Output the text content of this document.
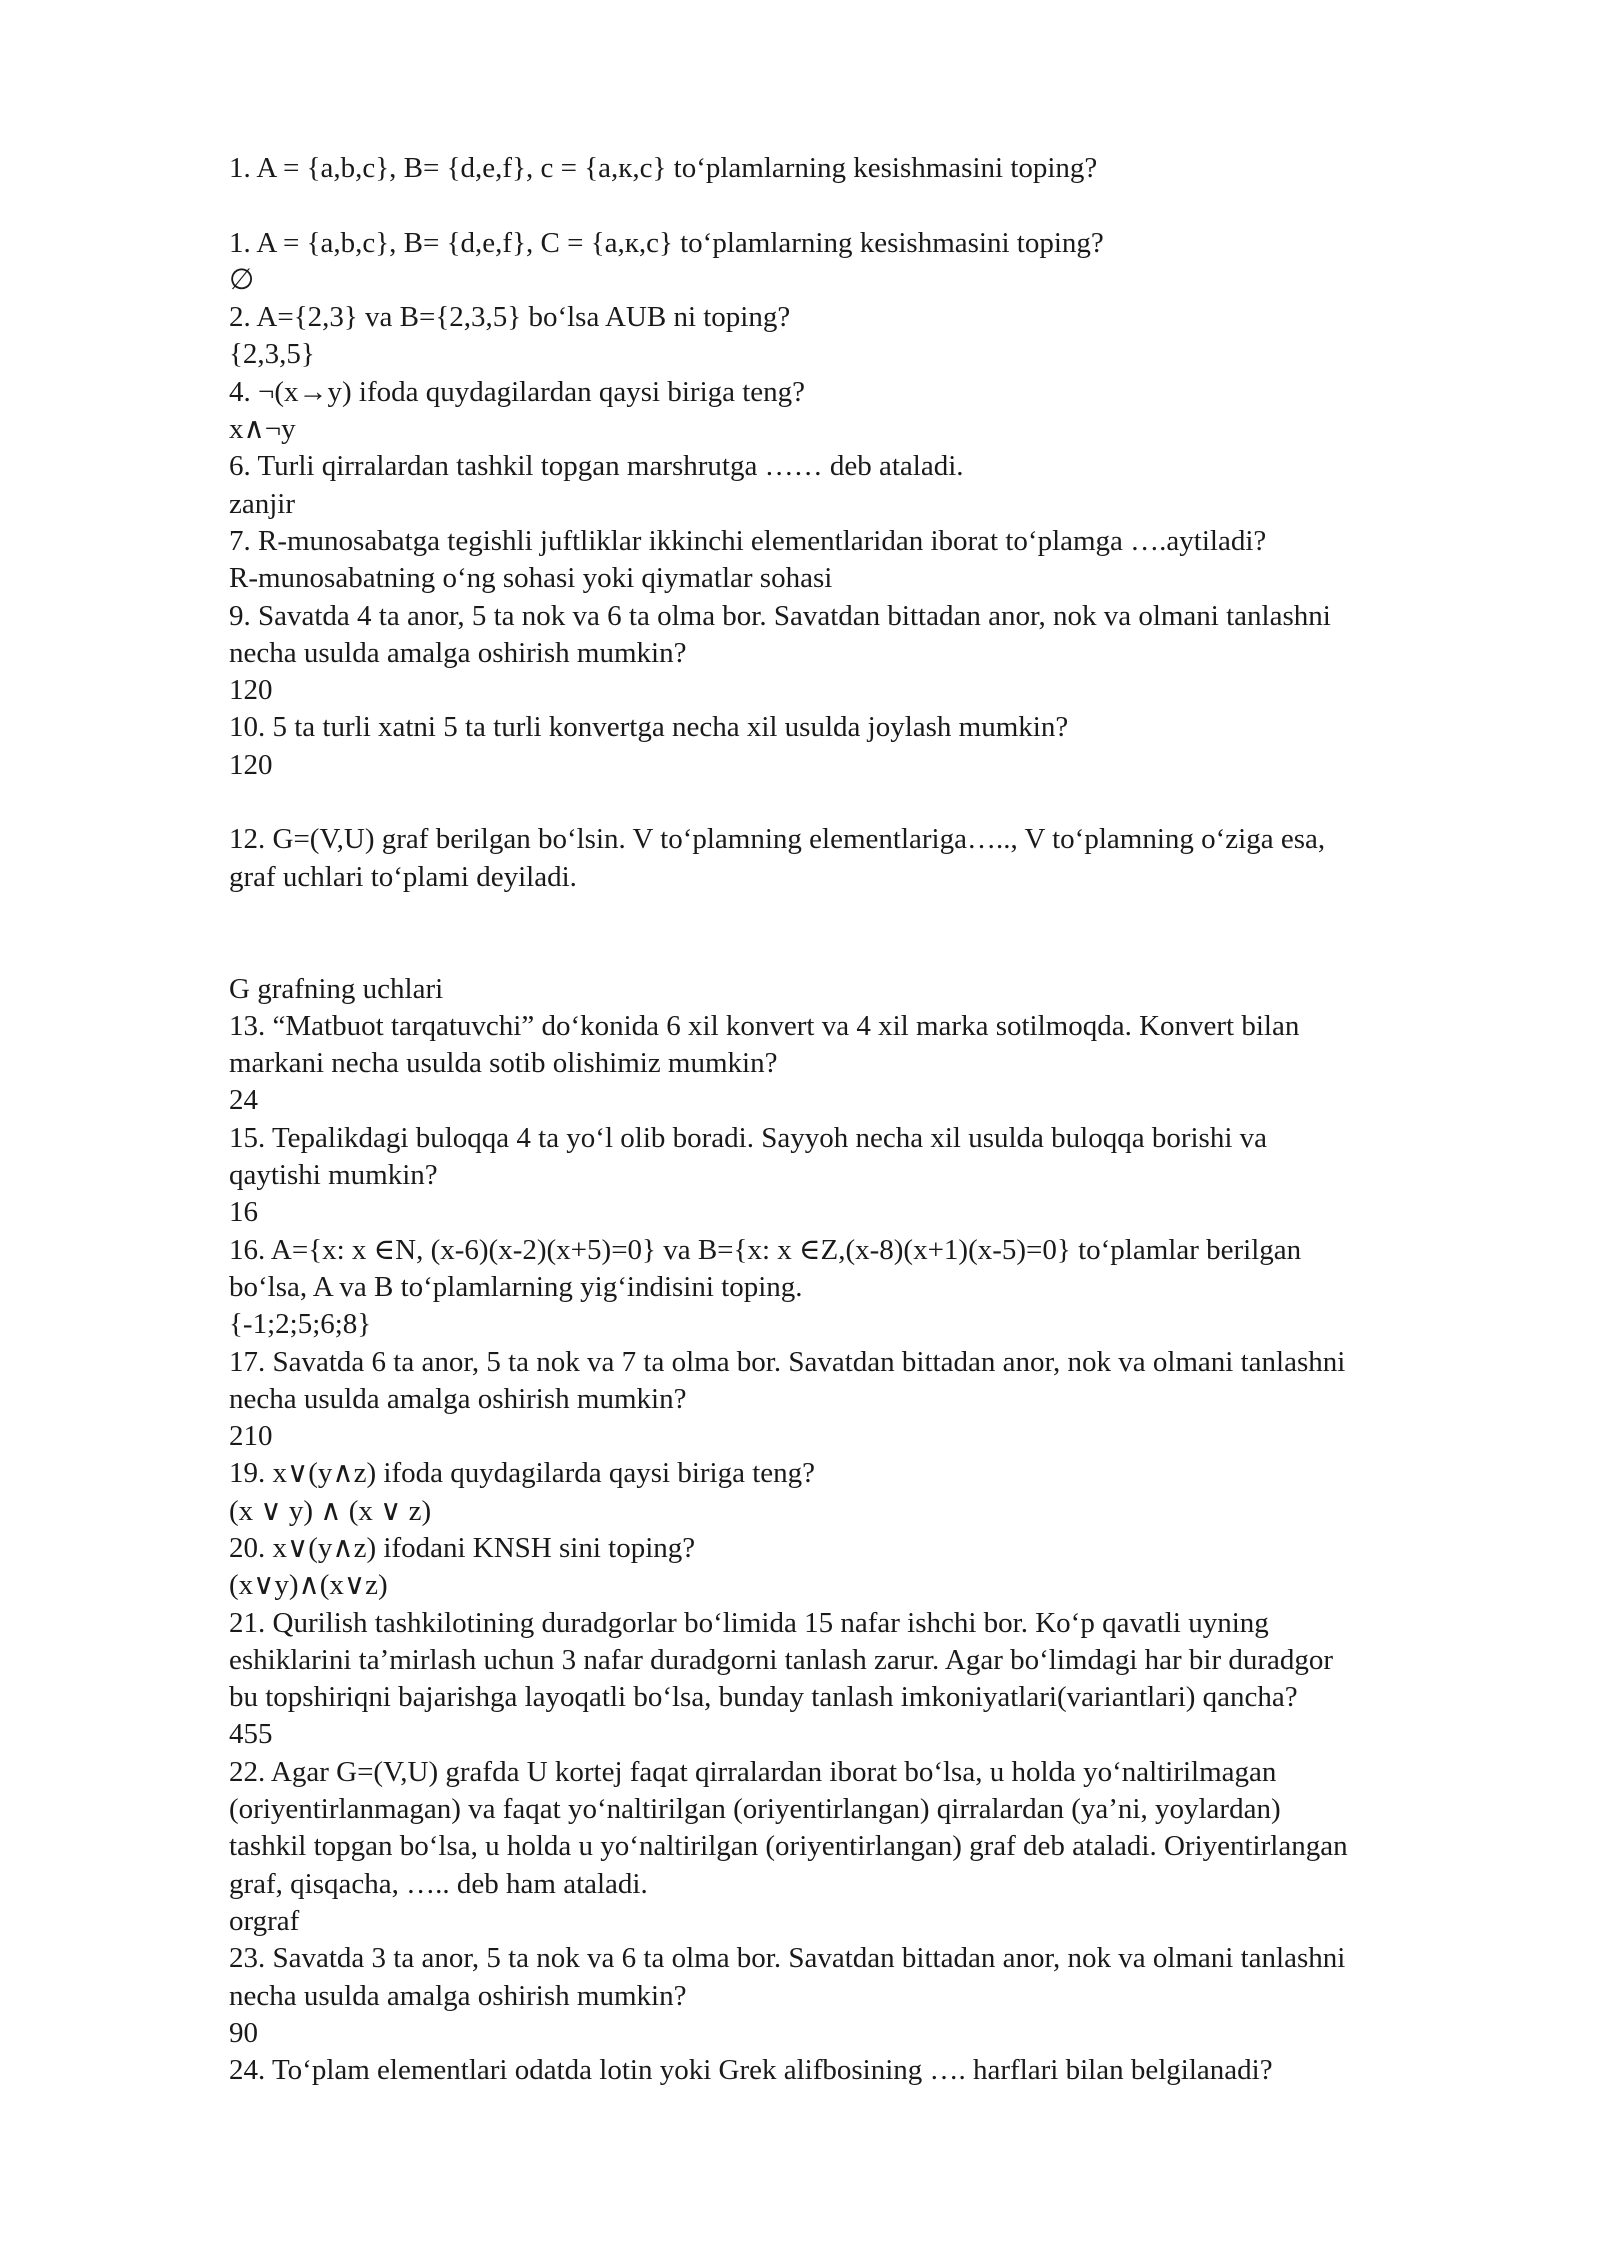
1. A = {a,b,c}, B= {d,e,f}, c = {a,к,c} to‘plamlarning kesishmasini toping?
1. A = {a,b,c}, B= {d,e,f}, C = {a,к,c} to‘plamlarning kesishmasini toping?
∅
2. A={2,3} va B={2,3,5} bo‘lsa AUB ni toping?
{2,3,5}
4. ¬(x→y) ifoda quydagilardan qaysi biriga teng?
x∧¬y
6. Turli qirralardan tashkil topgan marshrutga …… deb ataladi.
zanjir
7. R-munosabatga tegishli juftliklar ikkinchi elementlaridan iborat to‘plamga ….aytiladi?
R-munosabatning o‘ng sohasi yoki qiymatlar sohasi
9. Savatda 4 ta anor, 5 ta nok va 6 ta olma bor. Savatdan bittadan anor, nok va olmani tanlashni
necha usulda amalga oshirish mumkin?
120
10. 5 ta turli xatni 5 ta turli konvertga necha xil usulda joylash mumkin?
120
12. G=(V,U) graf berilgan bo‘lsin. V to‘plamning elementlariga….., V to‘plamning o‘ziga esa,
graf uchlari to‘plami deyiladi.
G grafning uchlari
13. “Matbuot tarqatuvchi” do‘konida 6 xil konvert va 4 xil marka sotilmoqda. Konvert bilan
markani necha usulda sotib olishimiz mumkin?
24
15. Tepalikdagi buloqqa 4 ta yo‘l olib boradi. Sayyoh necha xil usulda buloqqa borishi va
qaytishi mumkin?
16
16. A={x: x ∈N, (x-6)(x-2)(x+5)=0} va B={x: x ∈Z,(x-8)(x+1)(x-5)=0} to‘plamlar berilgan
bo‘lsa, A va B to‘plamlarning yig‘indisini toping.
{-1;2;5;6;8}
17. Savatda 6 ta anor, 5 ta nok va 7 ta olma bor. Savatdan bittadan anor, nok va olmani tanlashni
necha usulda amalga oshirish mumkin?
210
19. x∨(y∧z) ifoda quydagilarda qaysi biriga teng?
(x ∨ y) ∧ (x ∨ z)
20. x∨(y∧z) ifodani KNSH sini toping?
(x∨y)∧(x∨z)
21. Qurilish tashkilotining duradgorlar bo‘limida 15 nafar ishchi bor. Ko‘p qavatli uyning
eshiklarini ta’mirlash uchun 3 nafar duradgorni tanlash zarur. Agar bo‘limdagi har bir duradgor
bu topshiriqni bajarishga layoqatli bo‘lsa, bunday tanlash imkoniyatlari(variantlari) qancha?
455
22. Agar G=(V,U) grafda U kortej faqat qirralardan iborat bo‘lsa, u holda yo‘naltirilmagan
(oriyentirlanmagan) va faqat yo‘naltirilgan (oriyentirlangan) qirralardan (ya’ni, yoylardan)
tashkil topgan bo‘lsa, u holda u yo‘naltirilgan (oriyentirlangan) graf deb ataladi. Oriyentirlangan
graf, qisqacha, ….. deb ham ataladi.
orgraf
23. Savatda 3 ta anor, 5 ta nok va 6 ta olma bor. Savatdan bittadan anor, nok va olmani tanlashni
necha usulda amalga oshirish mumkin?
90
24. To‘plam elementlari odatda lotin yoki Grek alifbosining …. harflari bilan belgilanadi?
